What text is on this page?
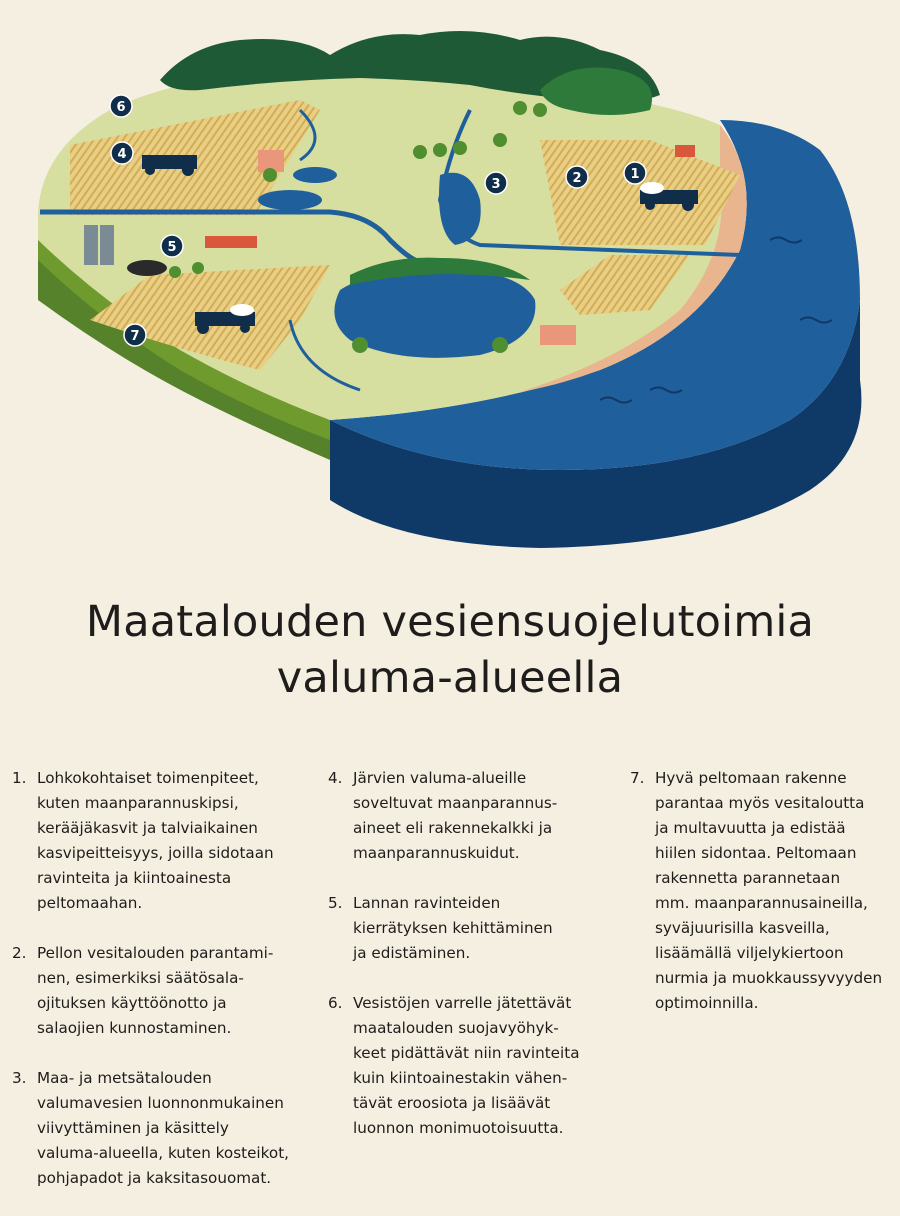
1
2
3
4
5
6
7
Maatalouden vesiensuojelutoimia
valuma-alueella
1. Lohkokohtaiset toimenpiteet,
kuten maanparannuskipsi,
kerääjäkasvit ja talviaikainen
kasvipeitteisyys, joilla sidotaan
ravinteita ja kiintoainesta
peltomaahan.
2. Pellon vesitalouden parantami-
nen, esimerkiksi säätösala-
ojituksen käyttöönotto ja
salaojien kunnostaminen.
3. Maa- ja metsätalouden
valumavesien luonnonmukainen
viivyttäminen ja käsittely
valuma-alueella, kuten kosteikot,
pohjapadot ja kaksitasouomat.
4. Järvien valuma-alueille
soveltuvat maanparannus-
aineet eli rakennekalkki ja
maanparannuskuidut.
5. Lannan ravinteiden
kierrätyksen kehittäminen
ja edistäminen.
6. Vesistöjen varrelle jätettävät
maatalouden suojavyöhyk-
keet pidättävät niin ravinteita
kuin kiintoainestakin vähen-
tävät eroosiota ja lisäävät
luonnon monimuotoisuutta.
7. Hyvä peltomaan rakenne
parantaa myös vesitaloutta
ja multavuutta ja edistää
hiilen sidontaa. Peltomaan
rakennetta parannetaan
mm. maanparannusaineilla,
syväjuurisilla kasveilla,
lisäämällä viljelykiertoon
nurmia ja muokkaussyvyyden
optimoinnilla.
